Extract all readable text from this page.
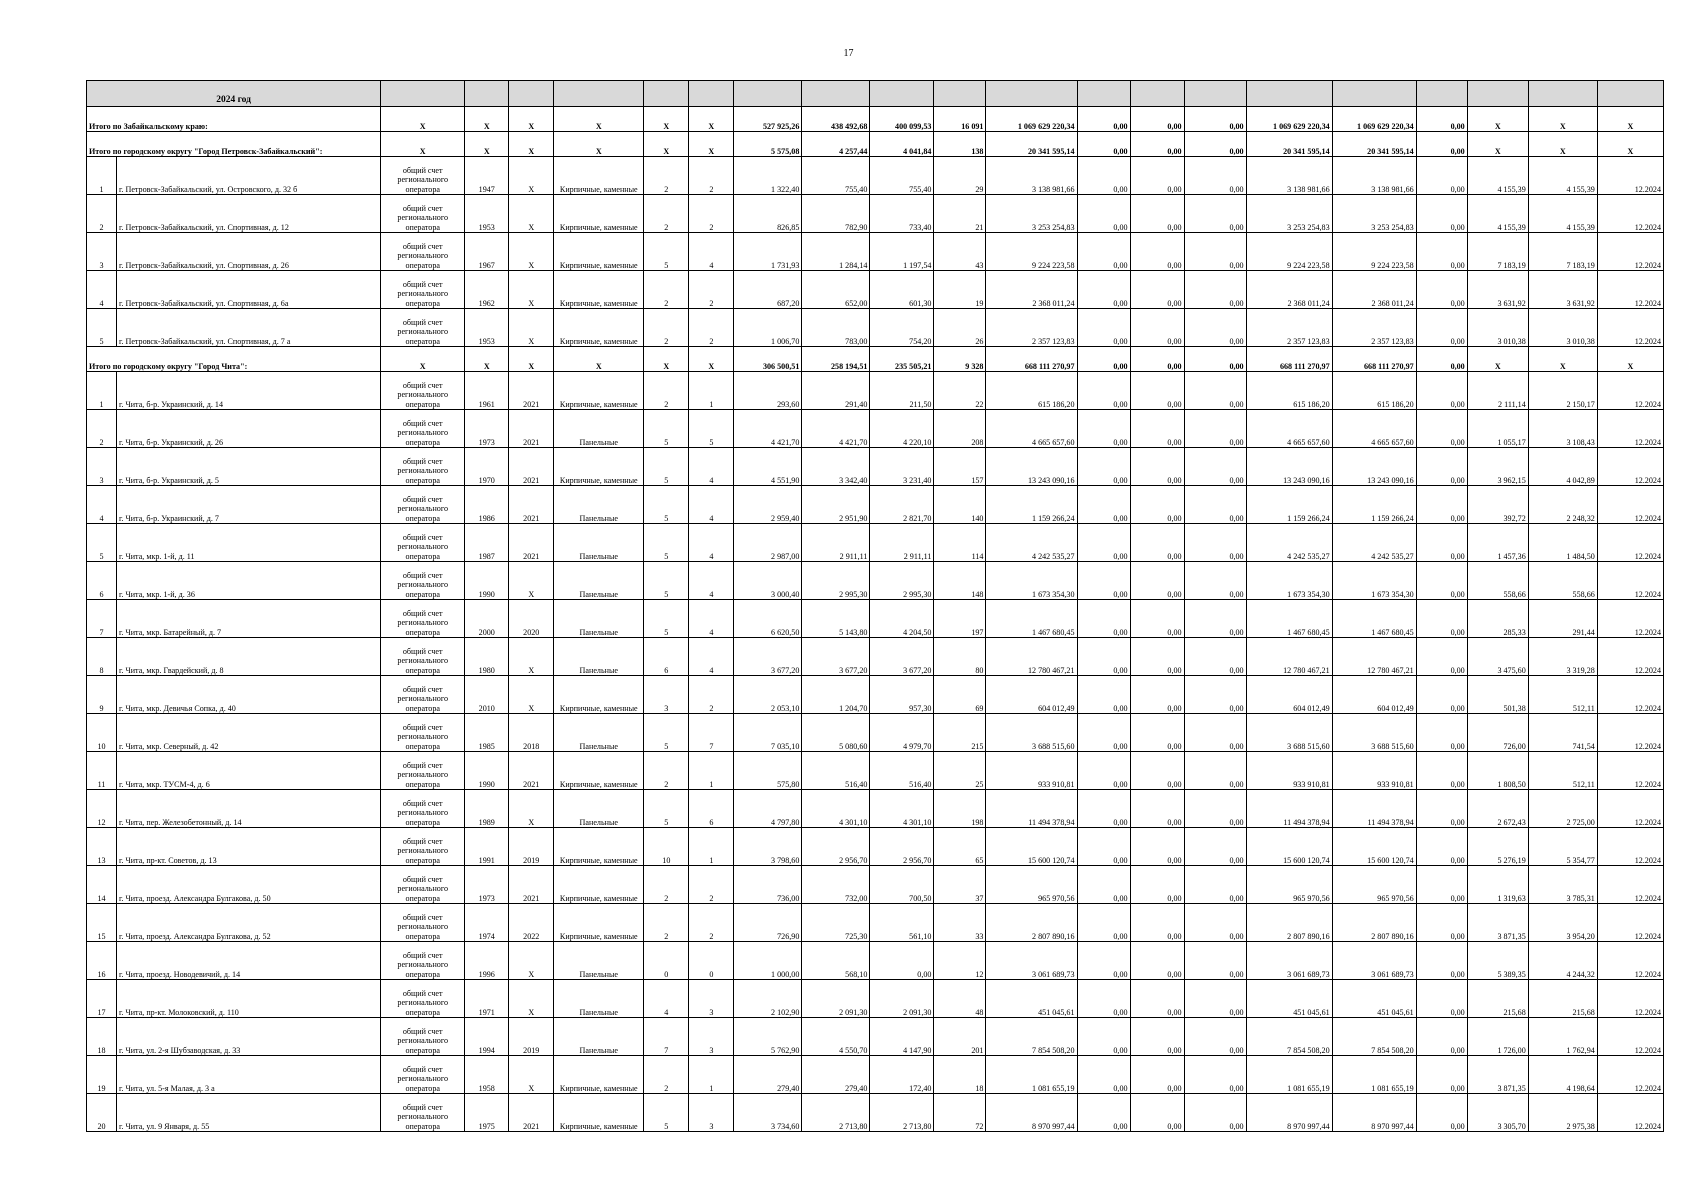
17
2024 год																					
Итого по Забайкальскому краю:		X	X	X	X	X	X	527 925,26	438 492,68	400 099,53	16 091	1 069 629 220,34	0,00	0,00	0,00	1 069 629 220,34	1 069 629 220,34	0,00	X	X	X
Итого по городскому округу "Город Петровск-Забайкальский":		X	X	X	X	X	X	5 575,08	4 257,44	4 041,84	138	20 341 595,14	0,00	0,00	0,00	20 341 595,14	20 341 595,14	0,00	X	X	X
1	г. Петровск-Забайкальский, ул. Островского, д. 32 б	общий счет регионального оператора	1947	X	Кирпичные, каменные	2	2	1 322,40	755,40	755,40	29	3 138 981,66	0,00	0,00	0,00	3 138 981,66	3 138 981,66	0,00	4 155,39	4 155,39	12.2024
2	г. Петровск-Забайкальский, ул. Спортивная, д. 12	общий счет регионального оператора	1953	X	Кирпичные, каменные	2	2	826,85	782,90	733,40	21	3 253 254,83	0,00	0,00	0,00	3 253 254,83	3 253 254,83	0,00	4 155,39	4 155,39	12.2024
3	г. Петровск-Забайкальский, ул. Спортивная, д. 26	общий счет регионального оператора	1967	X	Кирпичные, каменные	5	4	1 731,93	1 284,14	1 197,54	43	9 224 223,58	0,00	0,00	0,00	9 224 223,58	9 224 223,58	0,00	7 183,19	7 183,19	12.2024
4	г. Петровск-Забайкальский, ул. Спортивная, д. 6а	общий счет регионального оператора	1962	X	Кирпичные, каменные	2	2	687,20	652,00	601,30	19	2 368 011,24	0,00	0,00	0,00	2 368 011,24	2 368 011,24	0,00	3 631,92	3 631,92	12.2024
5	г. Петровск-Забайкальский, ул. Спортивная, д. 7 а	общий счет регионального оператора	1953	X	Кирпичные, каменные	2	2	1 006,70	783,00	754,20	26	2 357 123,83	0,00	0,00	0,00	2 357 123,83	2 357 123,83	0,00	3 010,38	3 010,38	12.2024
Итого по городскому округу "Город Чита":		X	X	X	X	X	X	306 500,51	258 194,51	235 505,21	9 328	668 111 270,97	0,00	0,00	0,00	668 111 270,97	668 111 270,97	0,00	X	X	X
1	г. Чита, б-р. Украинский, д. 14	общий счет регионального оператора	1961	2021	Кирпичные, каменные	2	1	293,60	291,40	211,50	22	615 186,20	0,00	0,00	0,00	615 186,20	615 186,20	0,00	2 111,14	2 150,17	12.2024
2	г. Чита, б-р. Украинский, д. 26	общий счет регионального оператора	1973	2021	Панельные	5	5	4 421,70	4 421,70	4 220,10	208	4 665 657,60	0,00	0,00	0,00	4 665 657,60	4 665 657,60	0,00	1 055,17	3 108,43	12.2024
3	г. Чита, б-р. Украинский, д. 5	общий счет регионального оператора	1970	2021	Кирпичные, каменные	5	4	4 551,90	3 342,40	3 231,40	157	13 243 090,16	0,00	0,00	0,00	13 243 090,16	13 243 090,16	0,00	3 962,15	4 042,89	12.2024
4	г. Чита, б-р. Украинский, д. 7	общий счет регионального оператора	1986	2021	Панельные	5	4	2 959,40	2 951,90	2 821,70	140	1 159 266,24	0,00	0,00	0,00	1 159 266,24	1 159 266,24	0,00	392,72	2 248,32	12.2024
5	г. Чита, мкр. 1-й, д. 11	общий счет регионального оператора	1987	2021	Панельные	5	4	2 987,00	2 911,11	2 911,11	114	4 242 535,27	0,00	0,00	0,00	4 242 535,27	4 242 535,27	0,00	1 457,36	1 484,50	12.2024
6	г. Чита, мкр. 1-й, д. 36	общий счет регионального оператора	1990	X	Панельные	5	4	3 000,40	2 995,30	2 995,30	148	1 673 354,30	0,00	0,00	0,00	1 673 354,30	1 673 354,30	0,00	558,66	558,66	12.2024
7	г. Чита, мкр. Батарейный, д. 7	общий счет регионального оператора	2000	2020	Панельные	5	4	6 620,50	5 143,80	4 204,50	197	1 467 680,45	0,00	0,00	0,00	1 467 680,45	1 467 680,45	0,00	285,33	291,44	12.2024
8	г. Чита, мкр. Гвардейский, д. 8	общий счет регионального оператора	1980	X	Панельные	6	4	3 677,20	3 677,20	3 677,20	80	12 780 467,21	0,00	0,00	0,00	12 780 467,21	12 780 467,21	0,00	3 475,60	3 319,28	12.2024
9	г. Чита, мкр. Девичья Сопка, д. 40	общий счет регионального оператора	2010	X	Кирпичные, каменные	3	2	2 053,10	1 204,70	957,30	69	604 012,49	0,00	0,00	0,00	604 012,49	604 012,49	0,00	501,38	512,11	12.2024
10	г. Чита, мкр. Северный, д. 42	общий счет регионального оператора	1985	2018	Панельные	5	7	7 035,10	5 080,60	4 979,70	215	3 688 515,60	0,00	0,00	0,00	3 688 515,60	3 688 515,60	0,00	726,00	741,54	12.2024
11	г. Чита, мкр. ТУСМ-4, д. 6	общий счет регионального оператора	1990	2021	Кирпичные, каменные	2	1	575,80	516,40	516,40	25	933 910,81	0,00	0,00	0,00	933 910,81	933 910,81	0,00	1 808,50	512,11	12.2024
12	г. Чита, пер. Железобетонный, д. 14	общий счет регионального оператора	1989	X	Панельные	5	6	4 797,80	4 301,10	4 301,10	198	11 494 378,94	0,00	0,00	0,00	11 494 378,94	11 494 378,94	0,00	2 672,43	2 725,00	12.2024
13	г. Чита, пр-кт. Советов, д. 13	общий счет регионального оператора	1991	2019	Кирпичные, каменные	10	1	3 798,60	2 956,70	2 956,70	65	15 600 120,74	0,00	0,00	0,00	15 600 120,74	15 600 120,74	0,00	5 276,19	5 354,77	12.2024
14	г. Чита, проезд. Александра Булгакова, д. 50	общий счет регионального оператора	1973	2021	Кирпичные, каменные	2	2	736,00	732,00	700,50	37	965 970,56	0,00	0,00	0,00	965 970,56	965 970,56	0,00	1 319,63	3 785,31	12.2024
15	г. Чита, проезд. Александра Булгакова, д. 52	общий счет регионального оператора	1974	2022	Кирпичные, каменные	2	2	726,90	725,30	561,10	33	2 807 890,16	0,00	0,00	0,00	2 807 890,16	2 807 890,16	0,00	3 871,35	3 954,20	12.2024
16	г. Чита, проезд. Новодевичий, д. 14	общий счет регионального оператора	1996	X	Панельные	0	0	1 000,00	568,10	0,00	12	3 061 689,73	0,00	0,00	0,00	3 061 689,73	3 061 689,73	0,00	5 389,35	4 244,32	12.2024
17	г. Чита, пр-кт. Молоковский, д. 110	общий счет регионального оператора	1971	X	Панельные	4	3	2 102,90	2 091,30	2 091,30	48	451 045,61	0,00	0,00	0,00	451 045,61	451 045,61	0,00	215,68	215,68	12.2024
18	г. Чита, ул. 2-я Шубзаводская, д. 33	общий счет регионального оператора	1994	2019	Панельные	7	3	5 762,90	4 550,70	4 147,90	201	7 854 508,20	0,00	0,00	0,00	7 854 508,20	7 854 508,20	0,00	1 726,00	1 762,94	12.2024
19	г. Чита, ул. 5-я Малая, д. 3 а	общий счет регионального оператора	1958	X	Кирпичные, каменные	2	1	279,40	279,40	172,40	18	1 081 655,19	0,00	0,00	0,00	1 081 655,19	1 081 655,19	0,00	3 871,35	4 198,64	12.2024
20	г. Чита, ул. 9 Января, д. 55	общий счет регионального оператора	1975	2021	Кирпичные, каменные	5	3	3 734,60	2 713,80	2 713,80	72	8 970 997,44	0,00	0,00	0,00	8 970 997,44	8 970 997,44	0,00	3 305,70	2 975,38	12.2024
